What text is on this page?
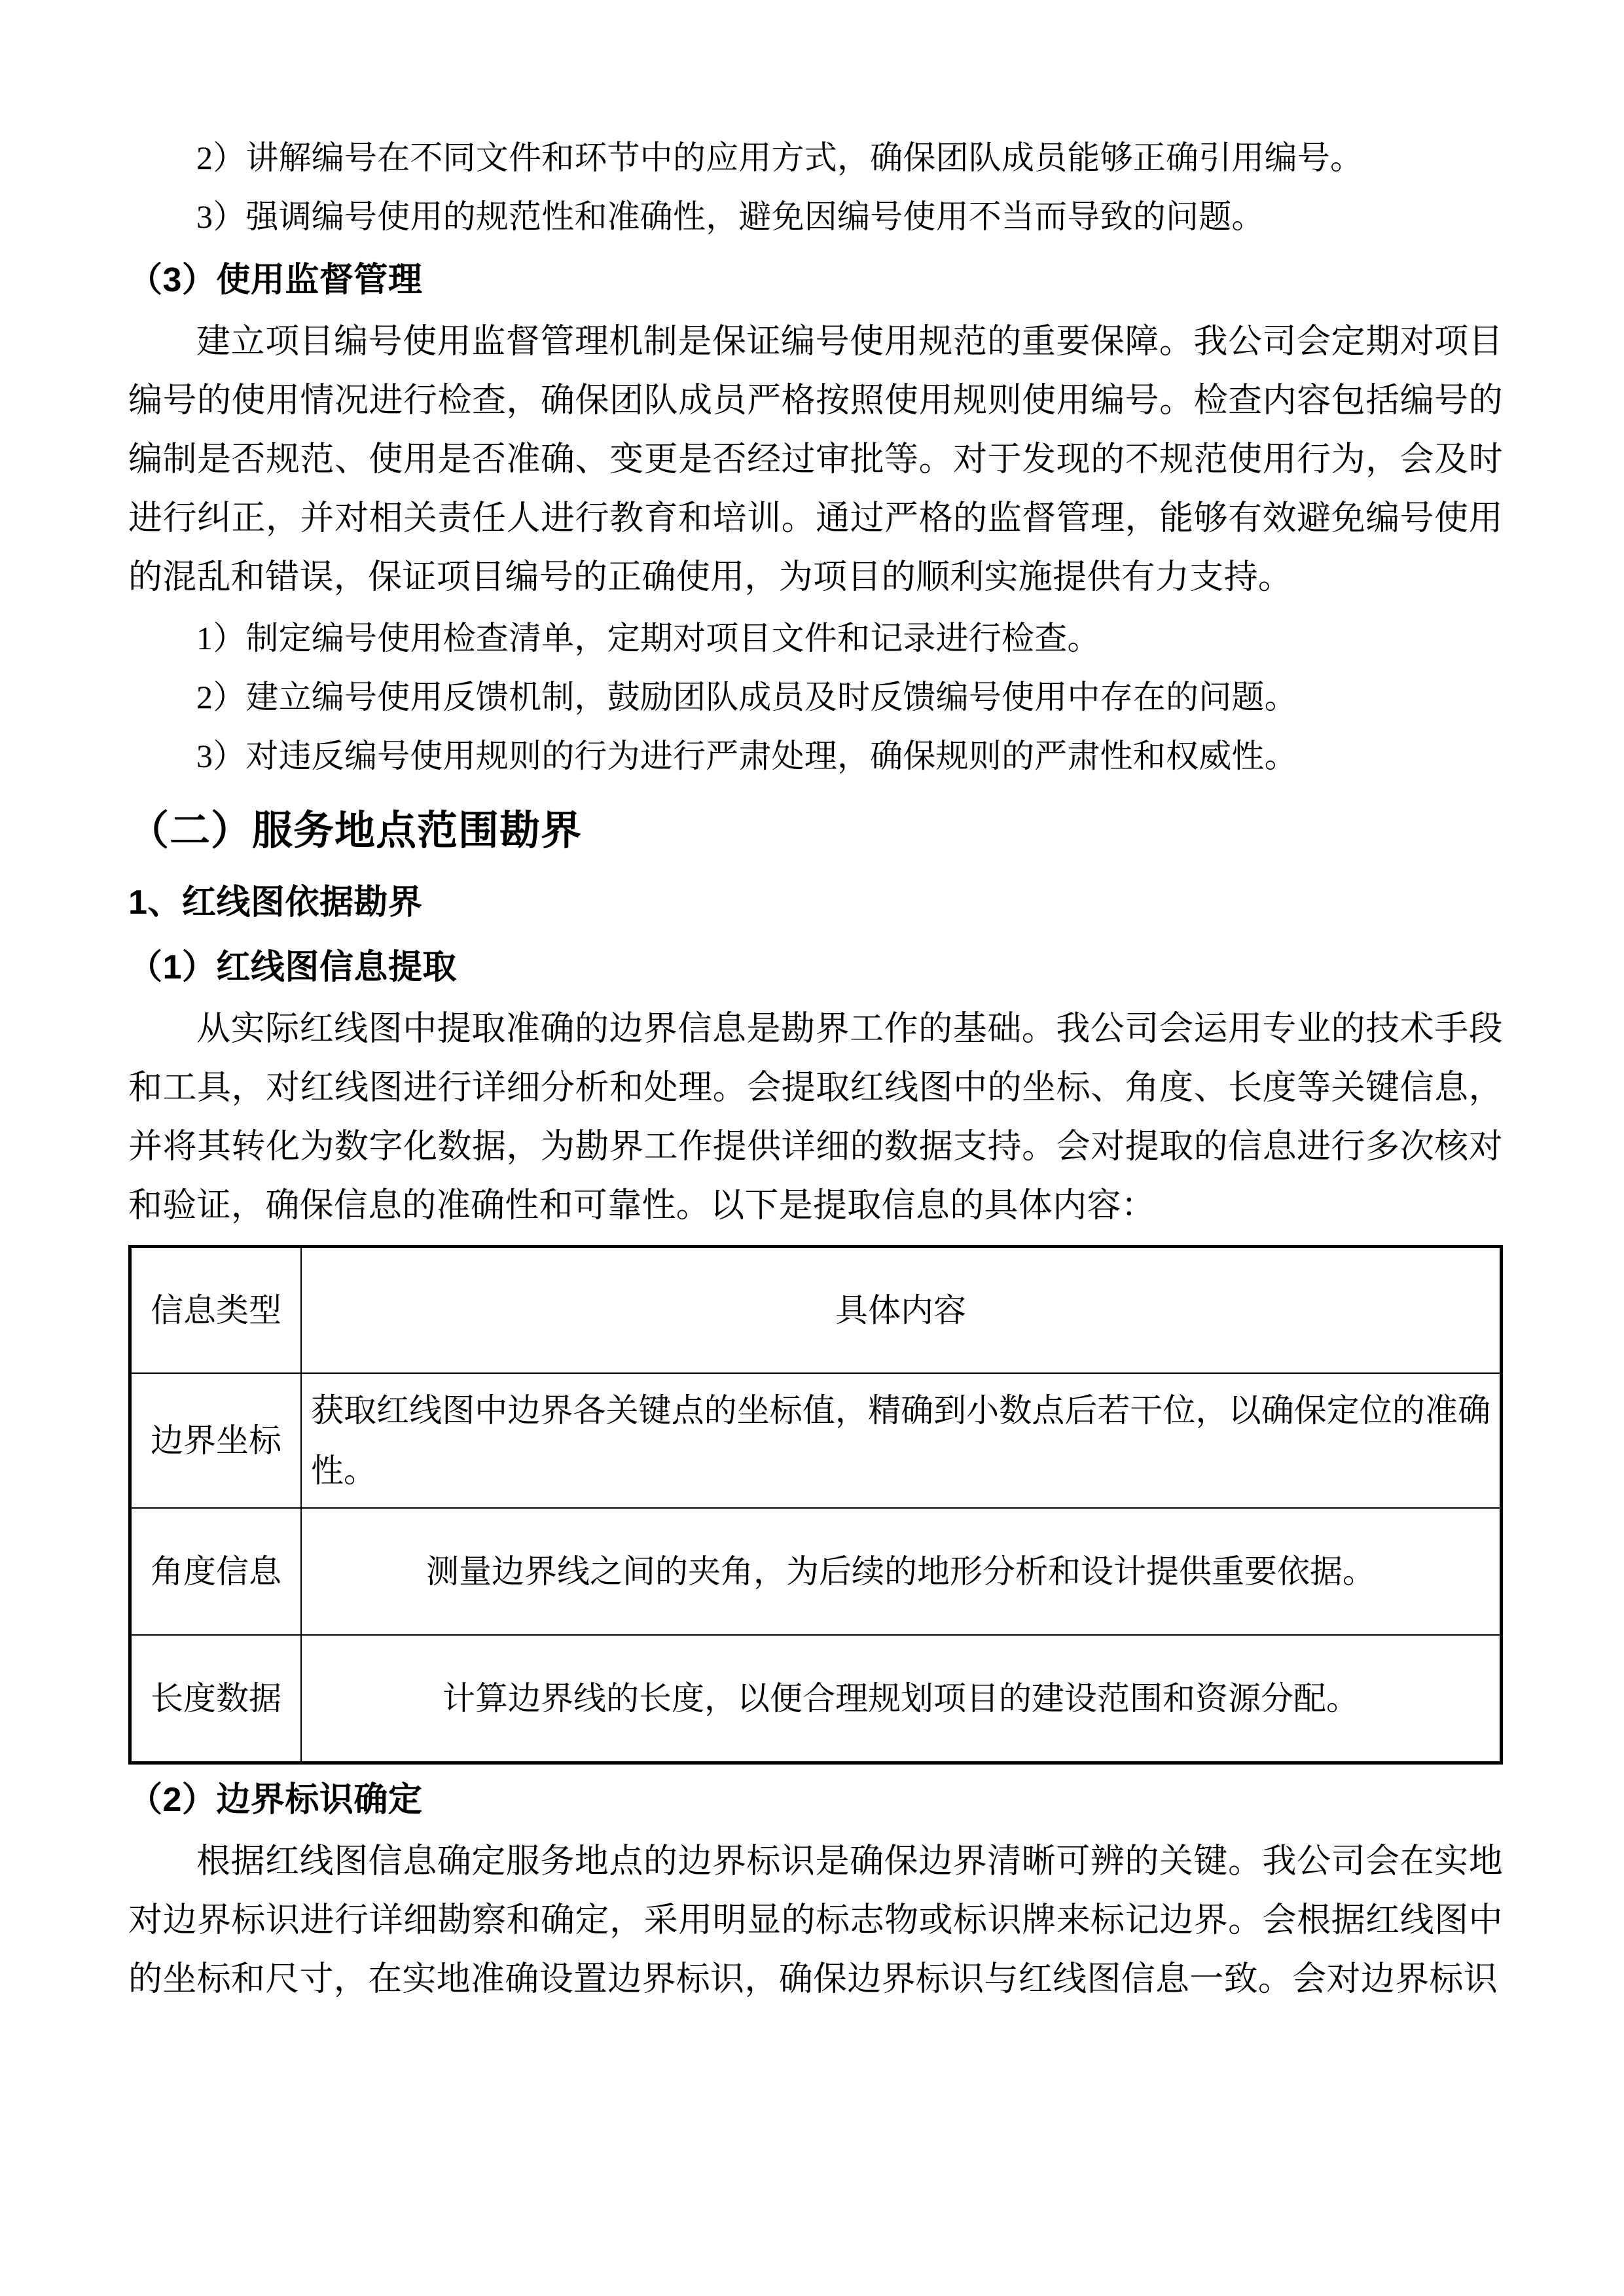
2）讲解编号在不同文件和环节中的应用方式，确保团队成员能够正确引用编号。

3）强调编号使用的规范性和准确性，避免因编号使用不当而导致的问题。

（3）使用监督管理

建立项目编号使用监督管理机制是保证编号使用规范的重要保障。我公司会定期对项目编号的使用情况进行检查，确保团队成员严格按照使用规则使用编号。检查内容包括编号的编制是否规范、使用是否准确、变更是否经过审批等。对于发现的不规范使用行为，会及时进行纠正，并对相关责任人进行教育和培训。通过严格的监督管理，能够有效避免编号使用的混乱和错误，保证项目编号的正确使用，为项目的顺利实施提供有力支持。

1）制定编号使用检查清单，定期对项目文件和记录进行检查。

2）建立编号使用反馈机制，鼓励团队成员及时反馈编号使用中存在的问题。

3）对违反编号使用规则的行为进行严肃处理，确保规则的严肃性和权威性。

（二）服务地点范围勘界
1、红线图依据勘界
（1）红线图信息提取

从实际红线图中提取准确的边界信息是勘界工作的基础。我公司会运用专业的技术手段和工具，对红线图进行详细分析和处理。会提取红线图中的坐标、角度、长度等关键信息，并将其转化为数字化数据，为勘界工作提供详细的数据支持。会对提取的信息进行多次核对和验证，确保信息的准确性和可靠性。以下是提取信息的具体内容：

信息类型	具体内容

边界坐标	获取红线图中边界各关键点的坐标值，精确到小数点后若干位，以确保定位的准确性。

角度信息	测量边界线之间的夹角，为后续的地形分析和设计提供重要依据。

长度数据	计算边界线的长度，以便合理规划项目的建设范围和资源分配。
（2）边界标识确定

根据红线图信息确定服务地点的边界标识是确保边界清晰可辨的关键。我公司会在实地对边界标识进行详细勘察和确定，采用明显的标志物或标识牌来标记边界。会根据红线图中的坐标和尺寸，在实地准确设置边界标识，确保边界标识与红线图信息一致。会对边界标识
